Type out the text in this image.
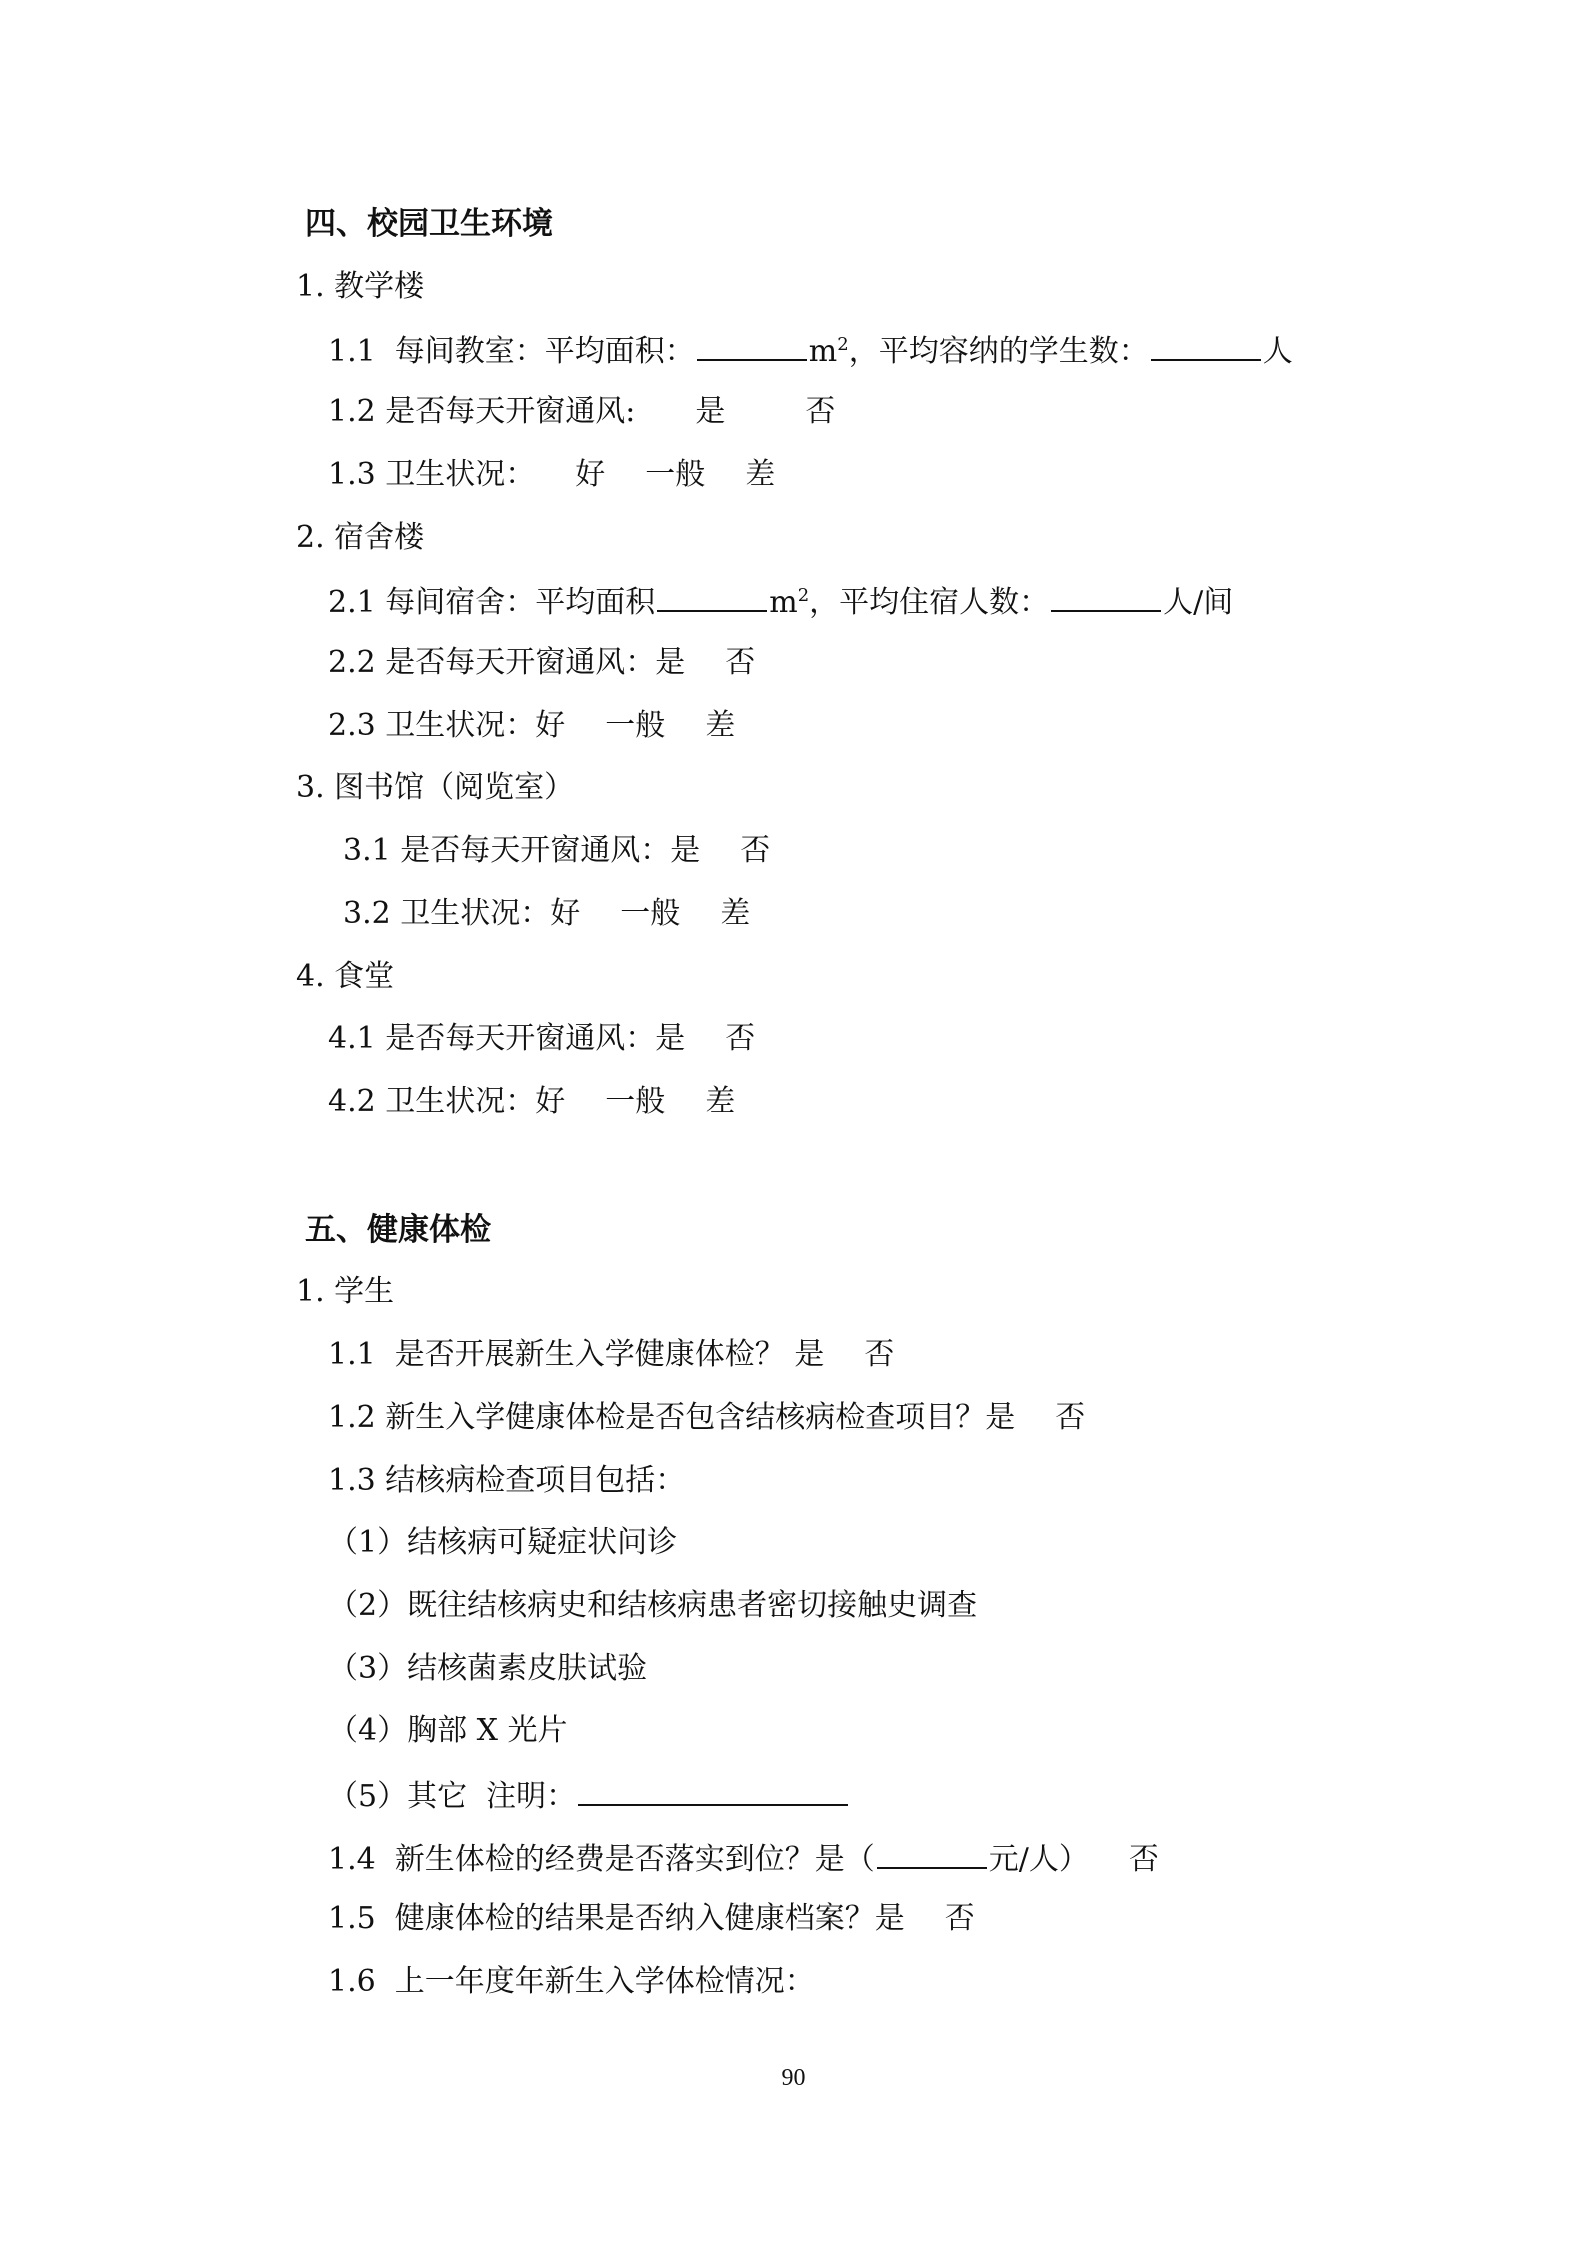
四、校园卫生环境
1. 教学楼
1.1  每间教室：平均面积：	$m^2$，平均容纳的学生数：	人
1.2 是否每天开窗通风: 是	否
1.3 卫生状况： 好 一般 差
2. 宿舍楼
2.1 每间宿舍：平均面积	$m^2$，平均住宿人数：	人/间
2.2 是否每天开窗通风：是 否
2.3 卫生状况：好 一般 差
3. 图书馆（阅览室）
3.1 是否每天开窗通风：是 否
3.2 卫生状况：好 一般 差
4. 食堂
4.1 是否每天开窗通风：是 否
4.2 卫生状况：好 一般 差
五、健康体检
1. 学生
1.1  是否开展新生入学健康体检？ 是 否
1.2 新生入学健康体检是否包含结核病检查项目？是 否
1.3 结核病检查项目包括：
（1）结核病可疑症状问诊
（2）既往结核病史和结核病患者密切接触史调查
（3）结核菌素皮肤试验
（4）胸部 X 光片
（5）其它  注明：
1.4  新生体检的经费是否落实到位？是（	元/人） 否
1.5  健康体检的结果是否纳入健康档案？是 否
1.6  上一年度年新生入学体检情况：
90
